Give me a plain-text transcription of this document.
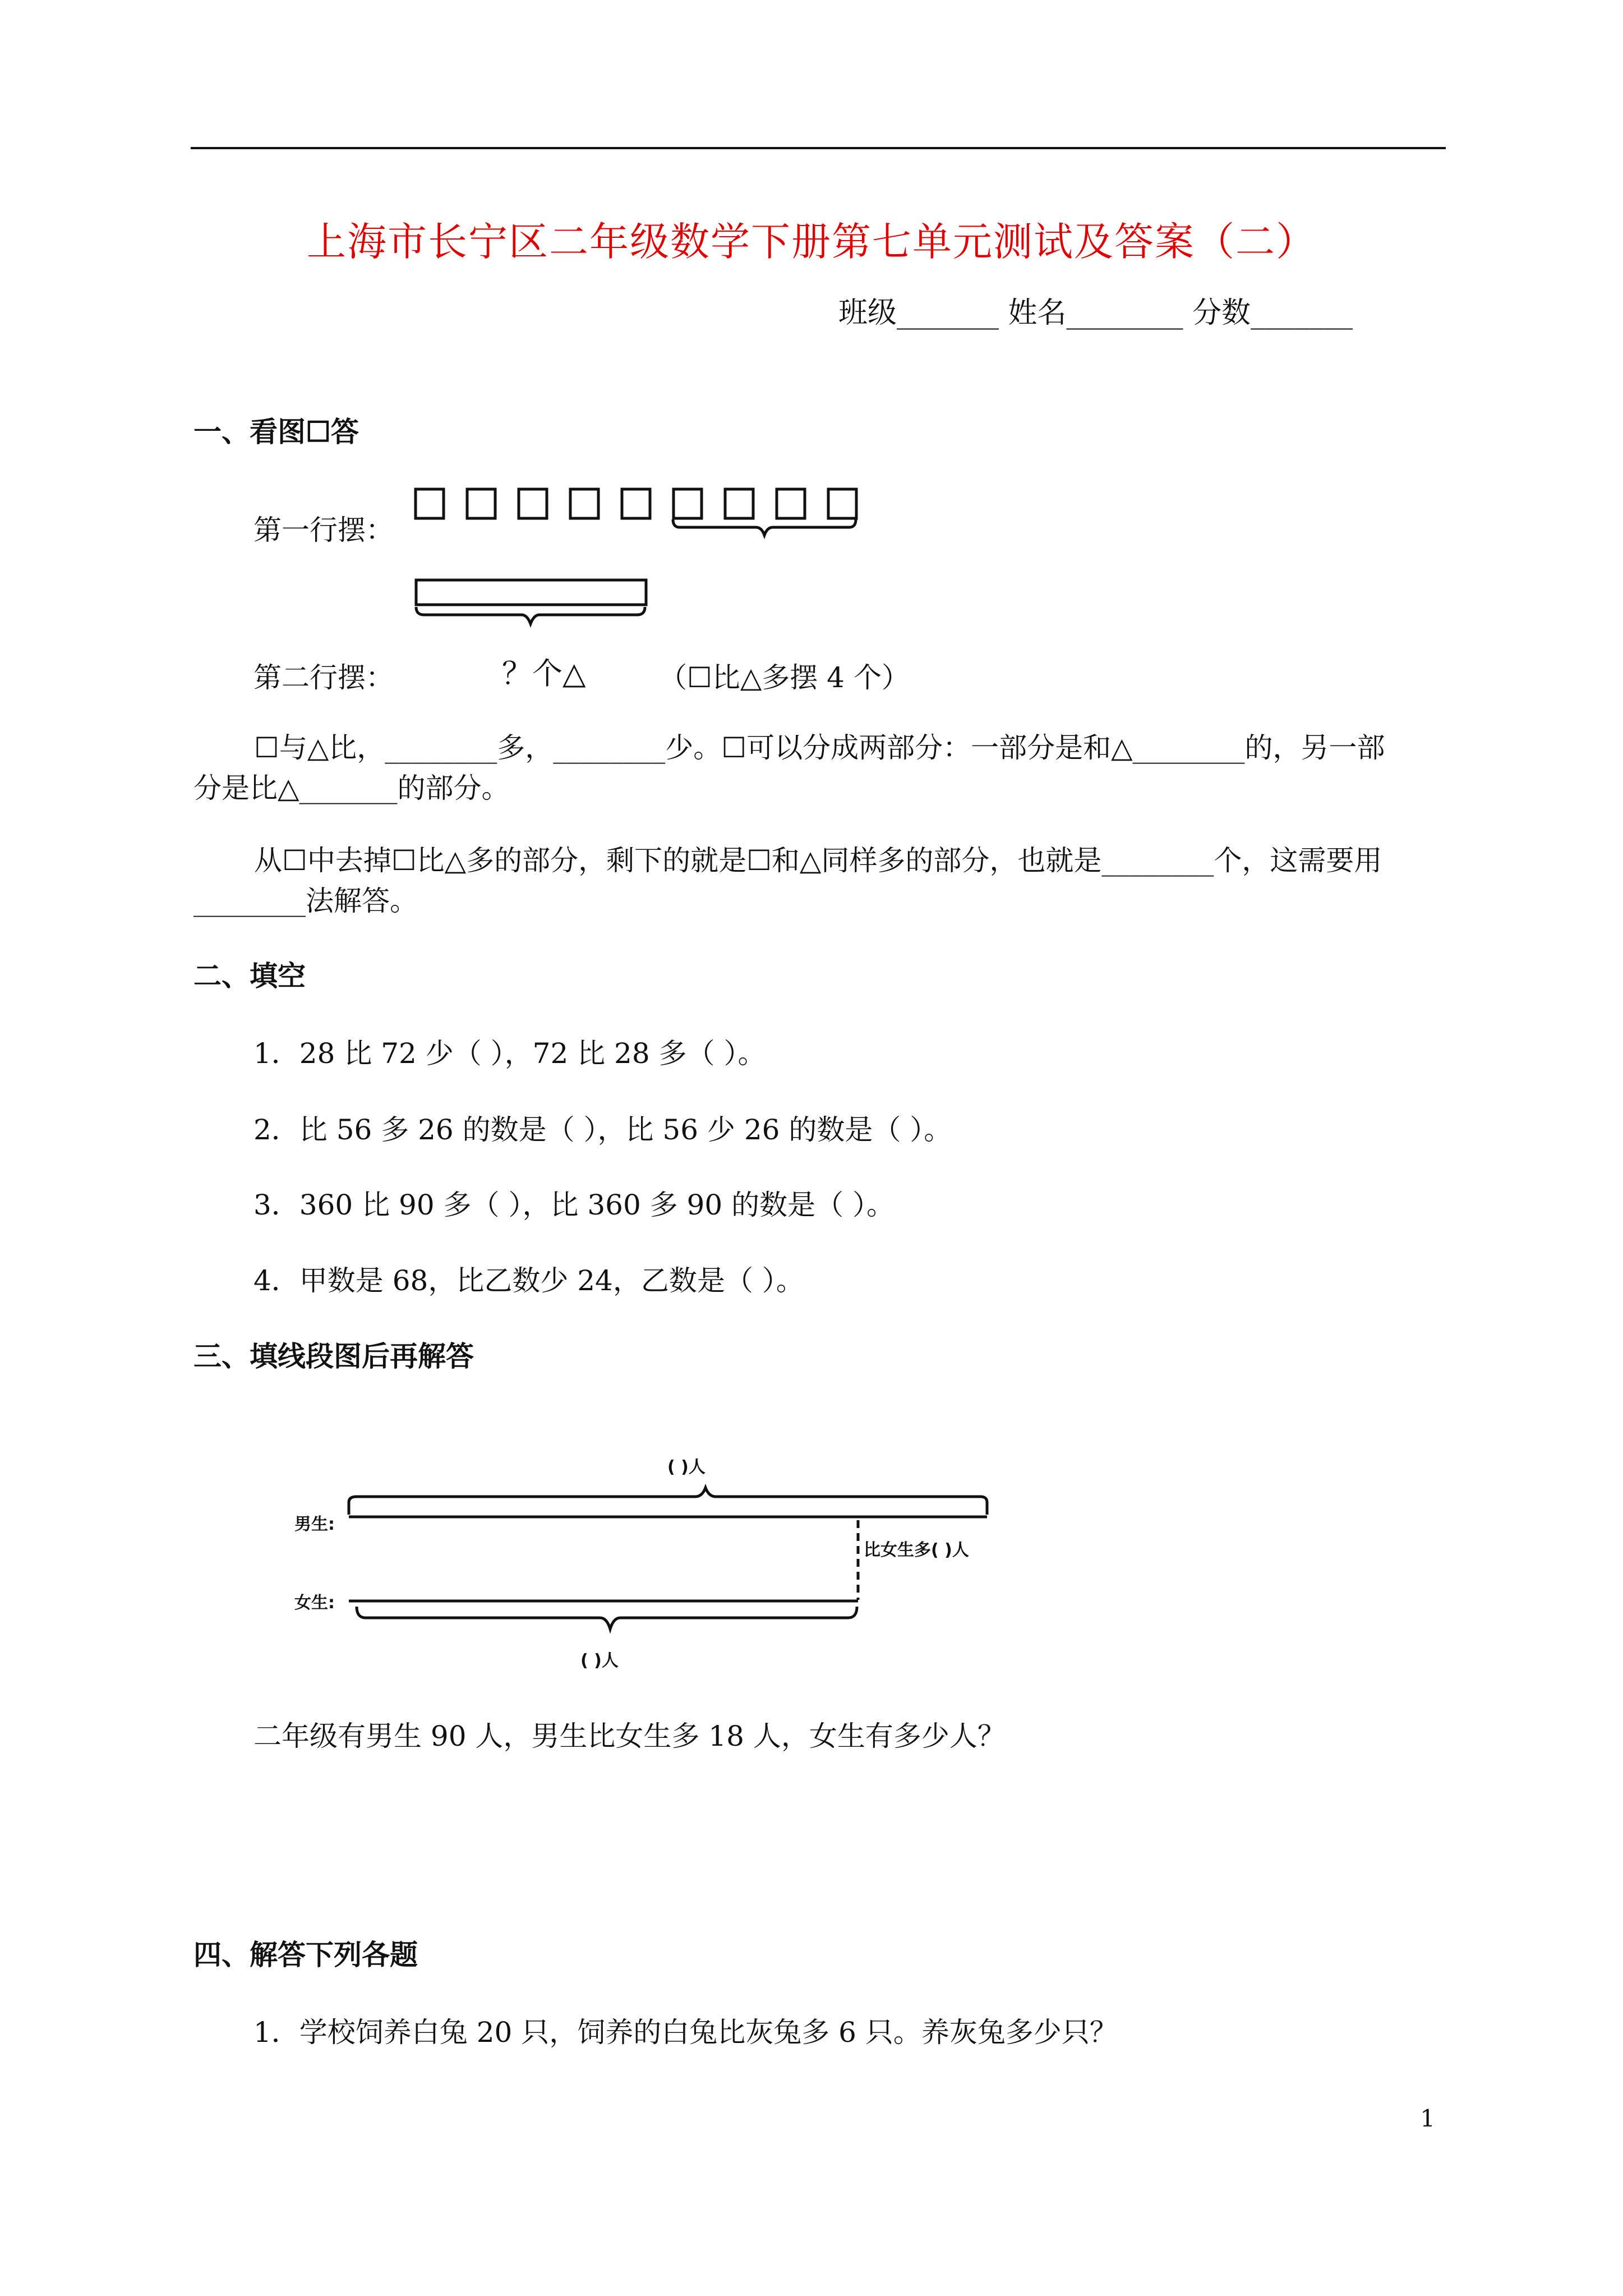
上海市长宁区二年级数学下册第七单元测试及答案（二）
班级_______ 姓名________ 分数_______
一、看图☐答
第一行摆：
第二行摆：	？个△	（☐比△多摆 4 个）
☐与△比，________多，________少。☐可以分成两部分：一部分是和△________的，另一部
分是比△_______的部分。
从☐中去掉☐比△多的部分，剩下的就是☐和△同样多的部分，也就是________个，这需要用
________法解答。
二、填空
1．28 比 72 少（ ），72 比 28 多（ ）。
2．比 56 多 26 的数是（ ），比 56 少 26 的数是（ ）。
3．360 比 90 多（ ），比 360 多 90 的数是（ ）。
4．甲数是 68，比乙数少 24，乙数是（ ）。
三、填线段图后再解答
( )人
男生:
比女生多( )人
女生:
( )人
二年级有男生 90 人，男生比女生多 18 人，女生有多少人？
四、解答下列各题
1．学校饲养白兔 20 只，饲养的白兔比灰兔多 6 只。养灰兔多少只？
1
